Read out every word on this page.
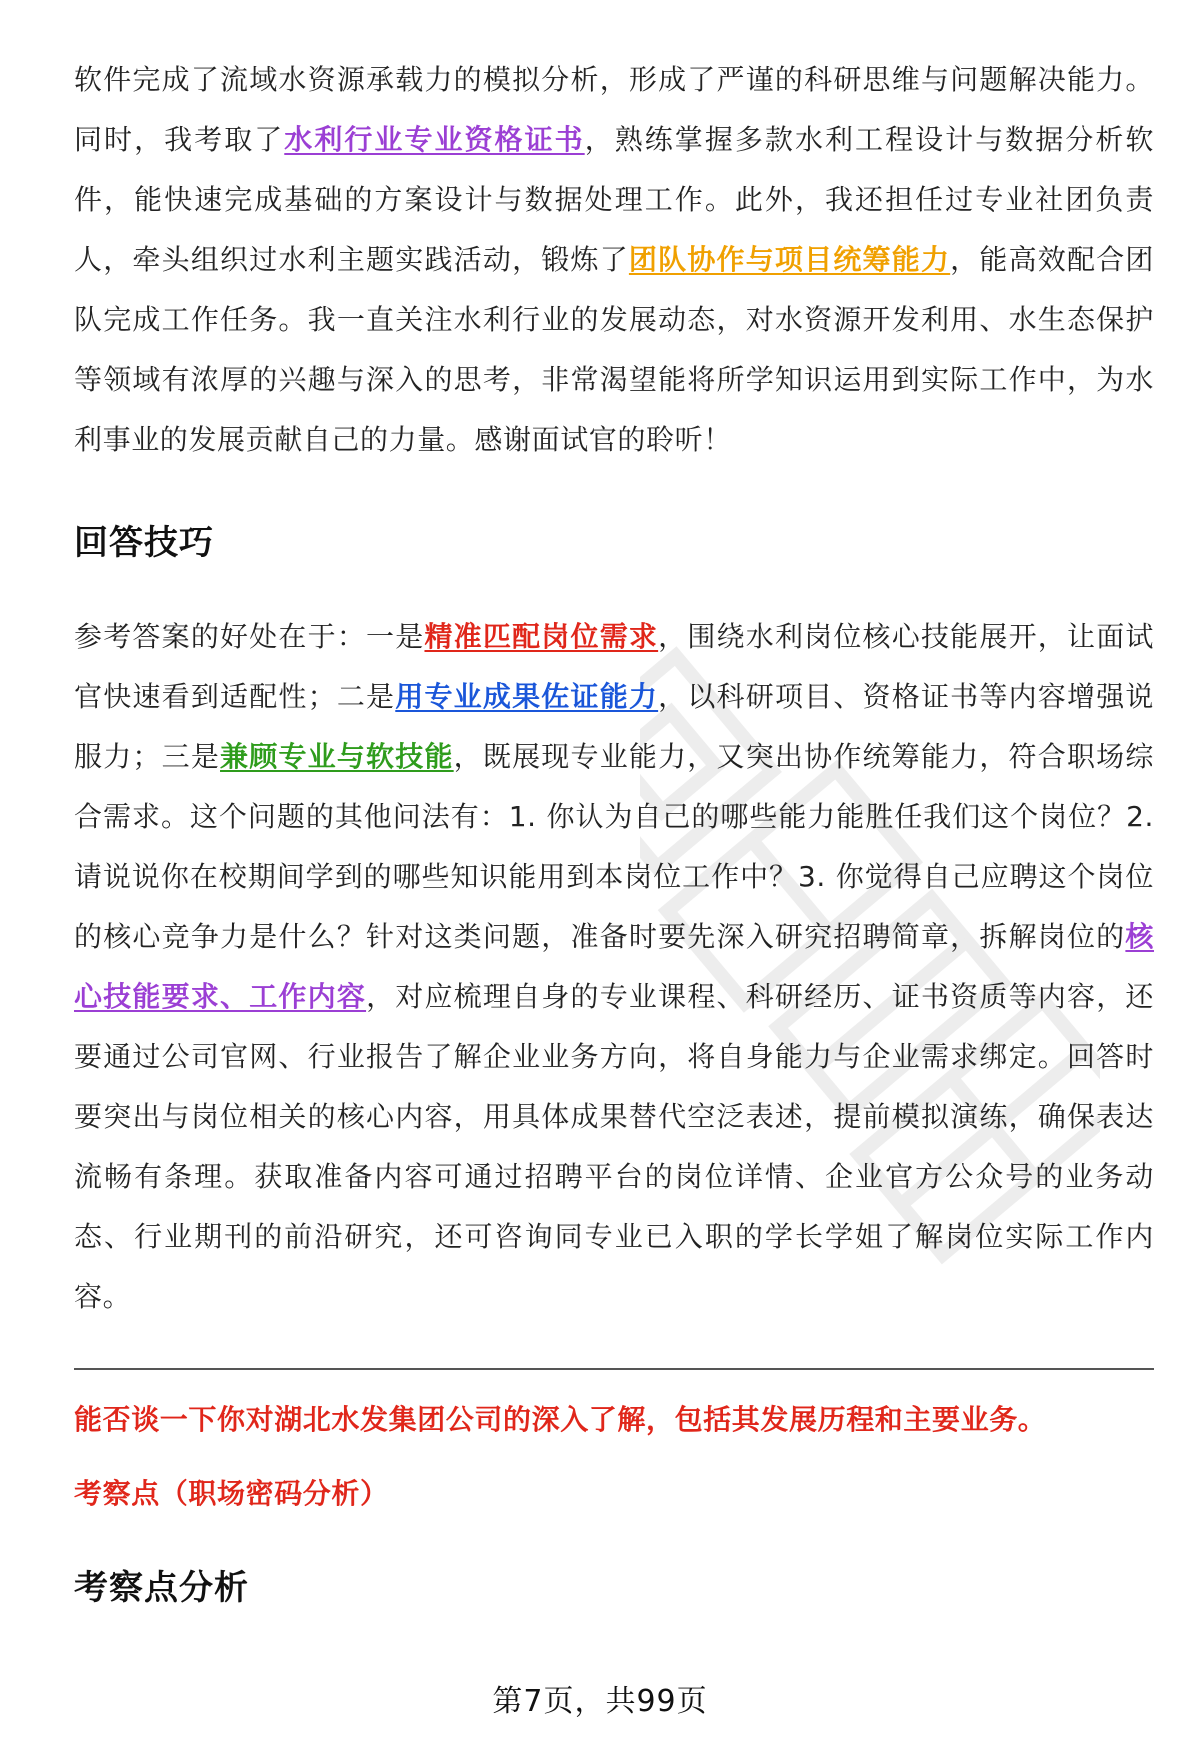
软件完成了流域水资源承载力的模拟分析，形成了严谨的科研思维与问题解决能力。同时，我考取了水利行业专业资格证书，熟练掌握多款水利工程设计与数据分析软件，能快速完成基础的方案设计与数据处理工作。此外，我还担任过专业社团负责人，牵头组织过水利主题实践活动，锻炼了团队协作与项目统筹能力，能高效配合团队完成工作任务。我一直关注水利行业的发展动态，对水资源开发利用、水生态保护等领域有浓厚的兴趣与深入的思考，非常渴望能将所学知识运用到实际工作中，为水利事业的发展贡献自己的力量。感谢面试官的聆听！

回答技巧

参考答案的好处在于：一是精准匹配岗位需求，围绕水利岗位核心技能展开，让面试官快速看到适配性；二是用专业成果佐证能力，以科研项目、资格证书等内容增强说服力；三是兼顾专业与软技能，既展现专业能力，又突出协作统筹能力，符合职场综合需求。这个问题的其他问法有：1. 你认为自己的哪些能力能胜任我们这个岗位？2. 请说说你在校期间学到的哪些知识能用到本岗位工作中？3. 你觉得自己应聘这个岗位的核心竞争力是什么？针对这类问题，准备时要先深入研究招聘简章，拆解岗位的核心技能要求、工作内容，对应梳理自身的专业课程、科研经历、证书资质等内容，还要通过公司官网、行业报告了解企业业务方向，将自身能力与企业需求绑定。回答时要突出与岗位相关的核心内容，用具体成果替代空泛表述，提前模拟演练，确保表达流畅有条理。获取准备内容可通过招聘平台的岗位详情、企业官方公众号的业务动态、行业期刊的前沿研究，还可咨询同专业已入职的学长学姐了解岗位实际工作内容。

能否谈一下你对湖北水发集团公司的深入了解，包括其发展历程和主要业务。

考察点（职场密码分析）

考察点分析
第7页，共99页
